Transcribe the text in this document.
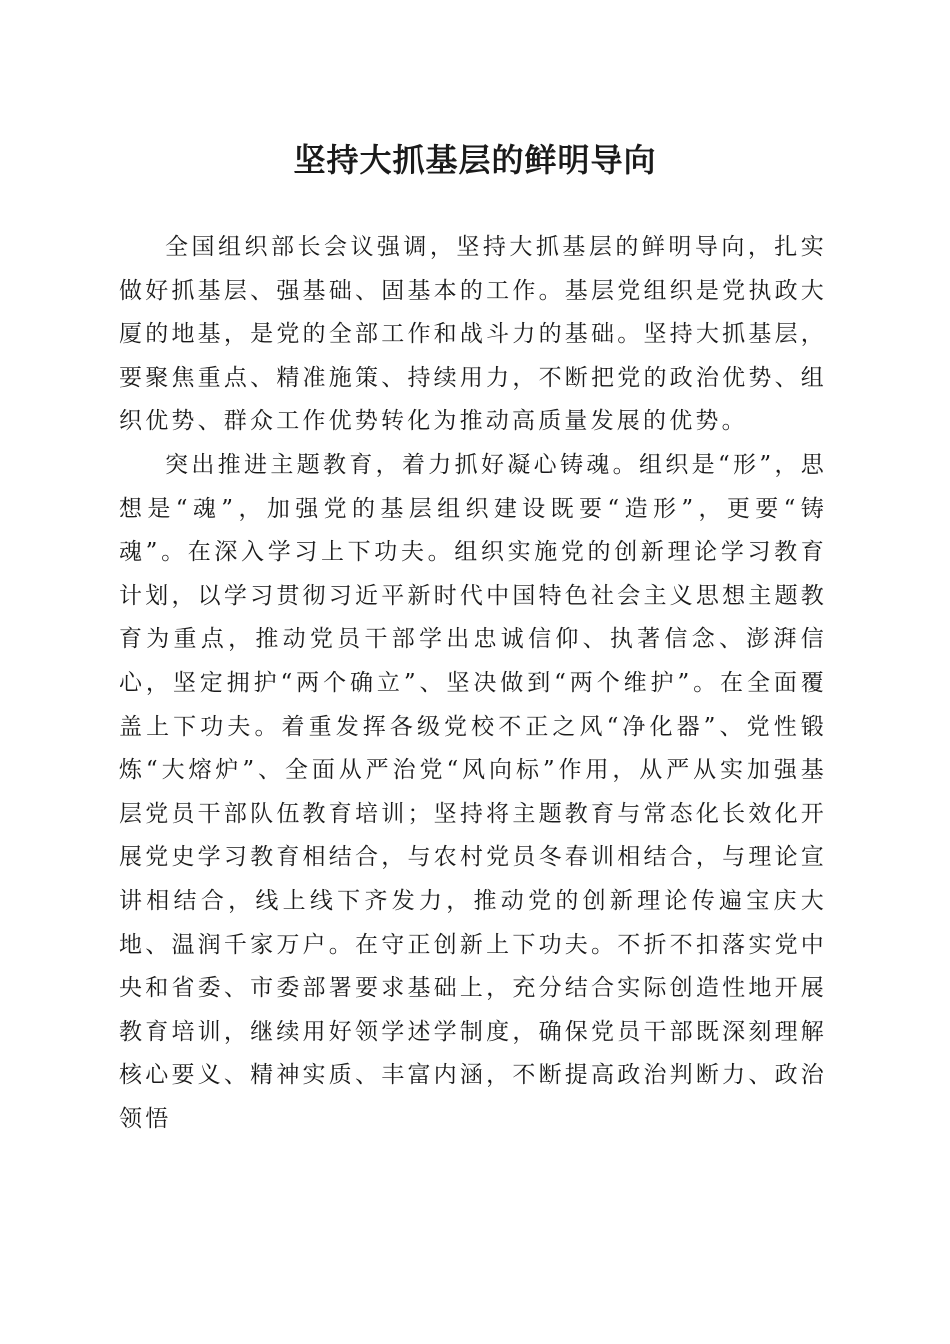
坚持大抓基层的鲜明导向

全国组织部长会议强调，坚持大抓基层的鲜明导向，扎实做好抓基层、强基础、固基本的工作。基层党组织是党执政大厦的地基，是党的全部工作和战斗力的基础。坚持大抓基层，要聚焦重点、精准施策、持续用力，不断把党的政治优势、组织优势、群众工作优势转化为推动高质量发展的优势。

突出推进主题教育，着力抓好凝心铸魂。组织是“形”，思想是“魂”，加强党的基层组织建设既要“造形”，更要“铸魂”。在深入学习上下功夫。组织实施党的创新理论学习教育计划，以学习贯彻习近平新时代中国特色社会主义思想主题教育为重点，推动党员干部学出忠诚信仰、执著信念、澎湃信心，坚定拥护“两个确立”、坚决做到“两个维护”。在全面覆盖上下功夫。着重发挥各级党校不正之风“净化器”、党性锻炼“大熔炉”、全面从严治党“风向标”作用，从严从实加强基层党员干部队伍教育培训；坚持将主题教育与常态化长效化开展党史学习教育相结合，与农村党员冬春训相结合，与理论宣讲相结合，线上线下齐发力，推动党的创新理论传遍宝庆大地、温润千家万户。在守正创新上下功夫。不折不扣落实党中央和省委、市委部署要求基础上，充分结合实际创造性地开展教育培训，继续用好领学述学制度，确保党员干部既深刻理解核心要义、精神实质、丰富内涵，不断提高政治判断力、政治领悟
